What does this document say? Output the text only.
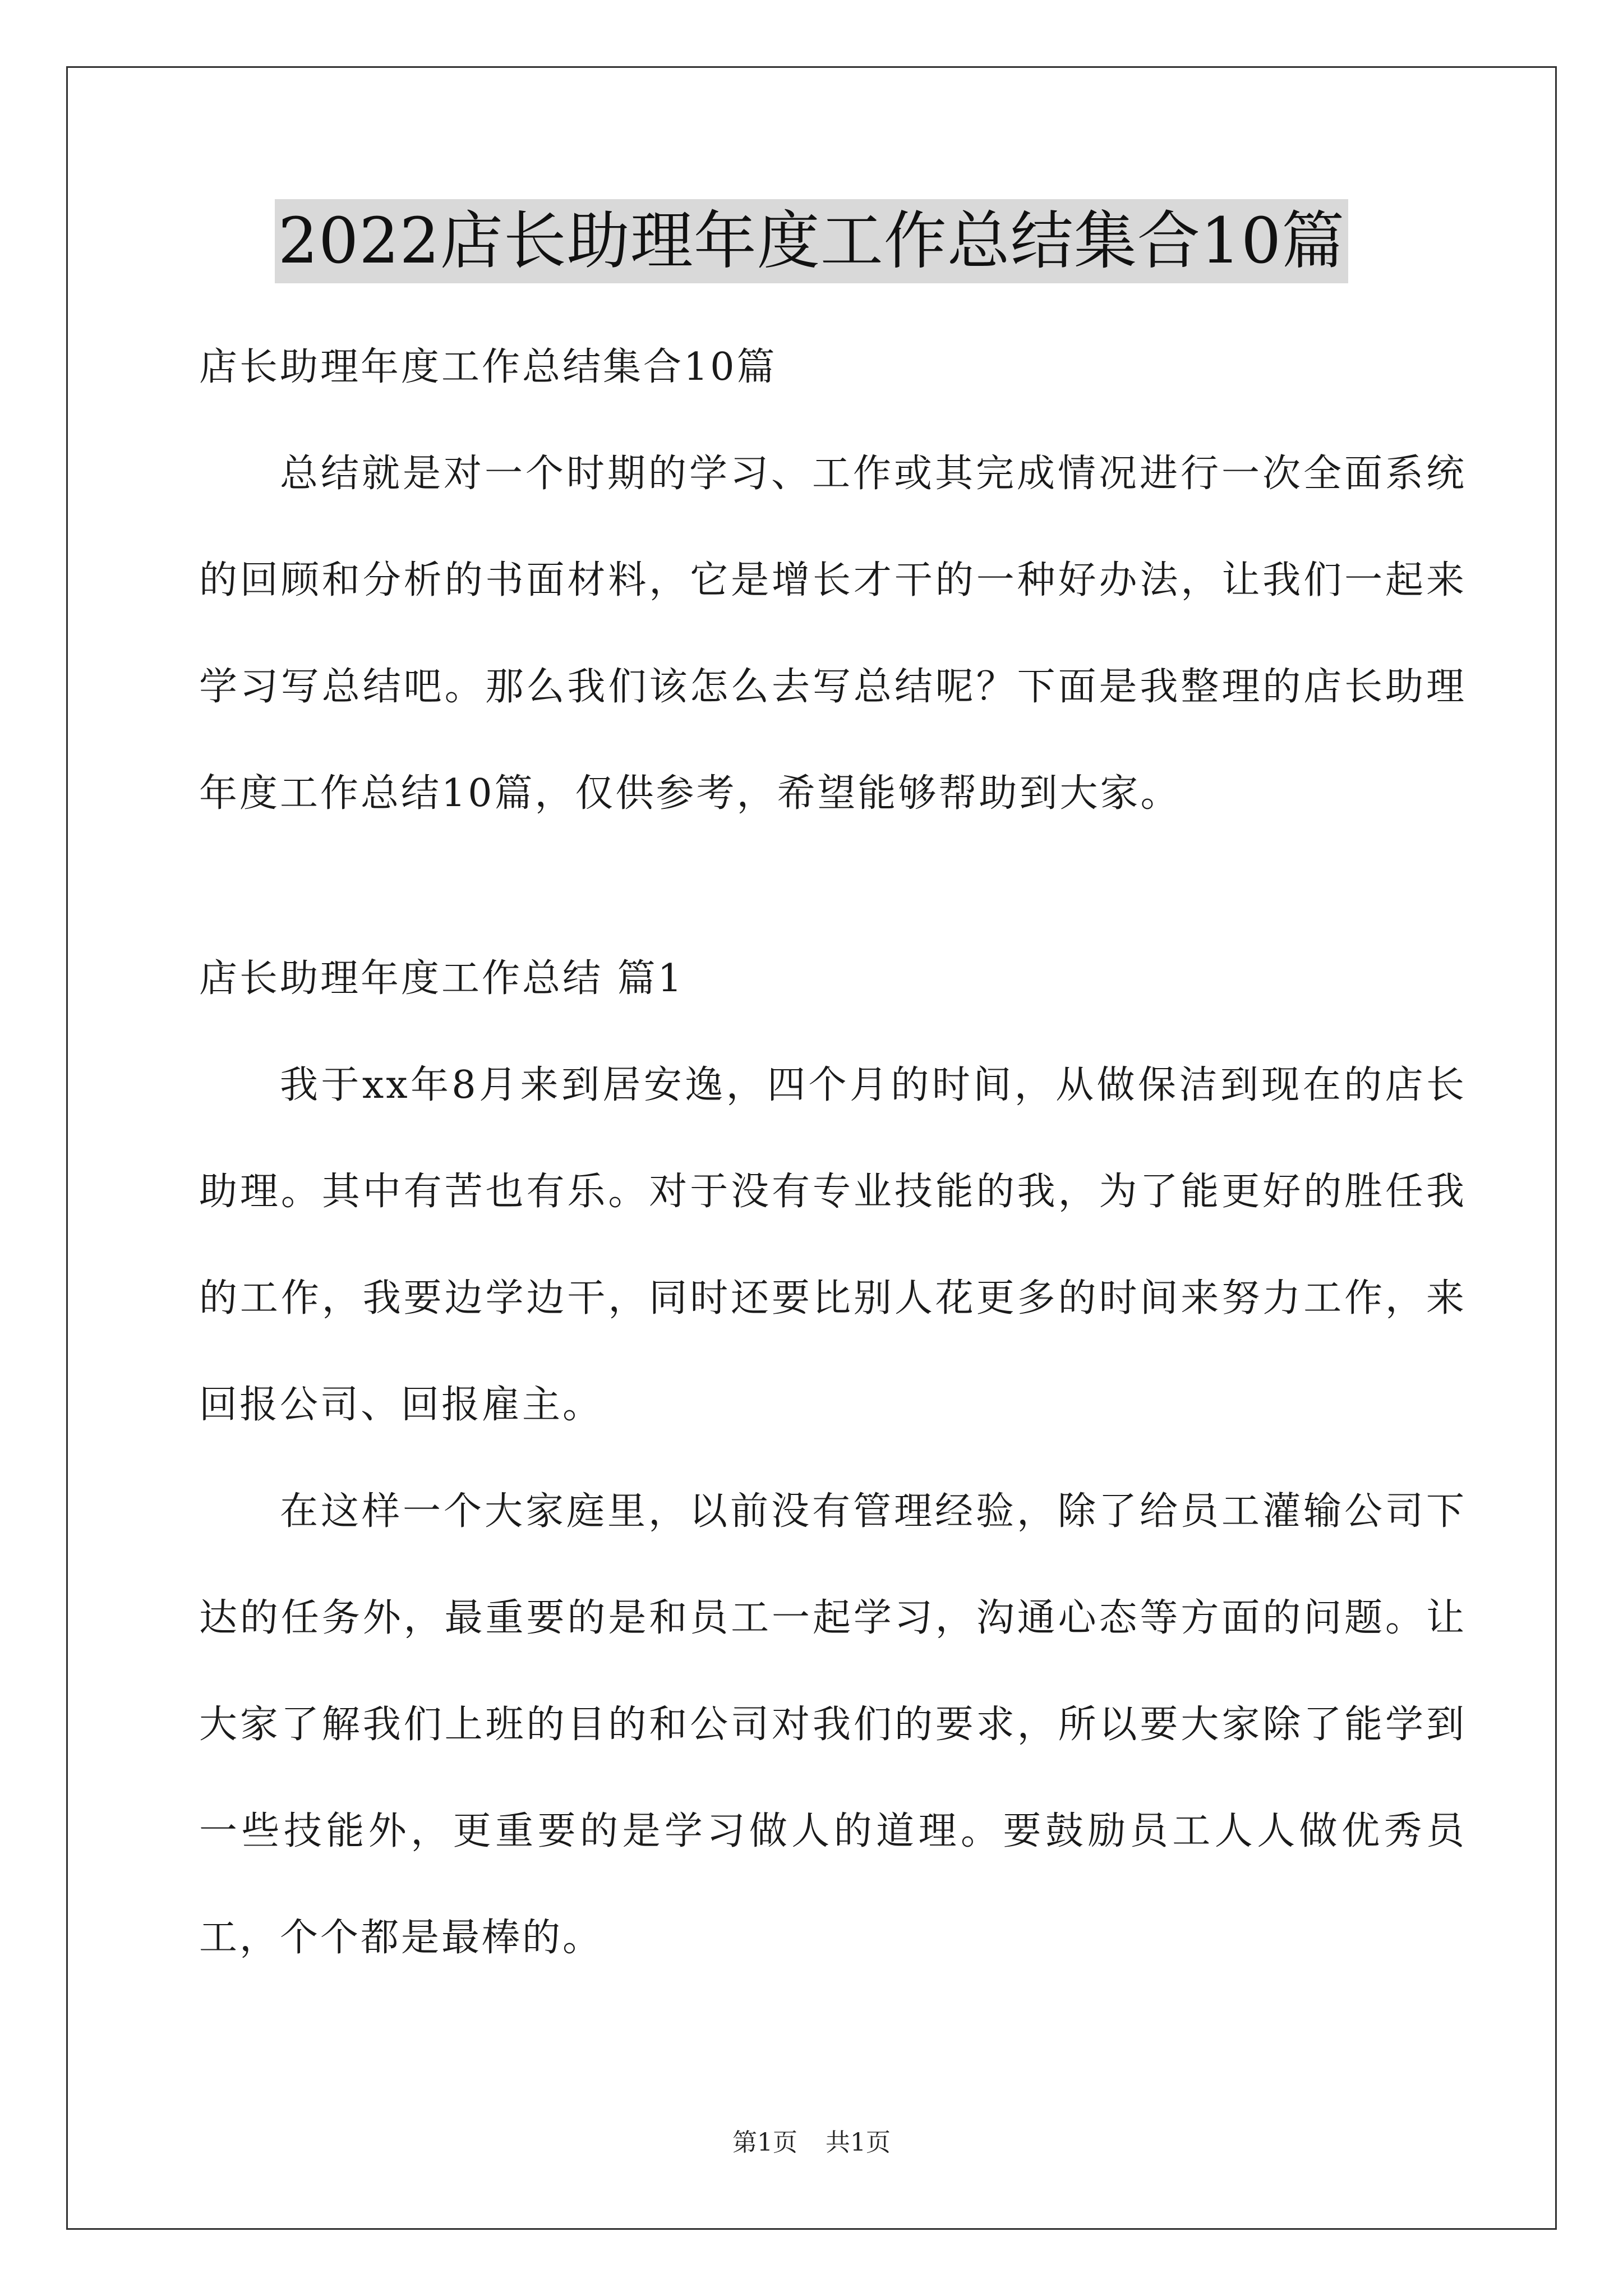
2022店长助理年度工作总结集合10篇
店长助理年度工作总结集合10篇

总结就是对一个时期的学习、工作或其完成情况进行一次全面系统的回顾和分析的书面材料，它是增长才干的一种好办法，让我们一起来学习写总结吧。那么我们该怎么去写总结呢？下面是我整理的店长助理年度工作总结10篇，仅供参考，希望能够帮助到大家。

店长助理年度工作总结 篇1

我于xx年8月来到居安逸，四个月的时间，从做保洁到现在的店长助理。其中有苦也有乐。对于没有专业技能的我，为了能更好的胜任我的工作，我要边学边干，同时还要比别人花更多的时间来努力工作，来回报公司、回报雇主。

在这样一个大家庭里，以前没有管理经验，除了给员工灌输公司下达的任务外，最重要的是和员工一起学习，沟通心态等方面的问题。让大家了解我们上班的目的和公司对我们的要求，所以要大家除了能学到一些技能外，更重要的是学习做人的道理。要鼓励员工人人做优秀员工，个个都是最棒的。

第1页 共1页
